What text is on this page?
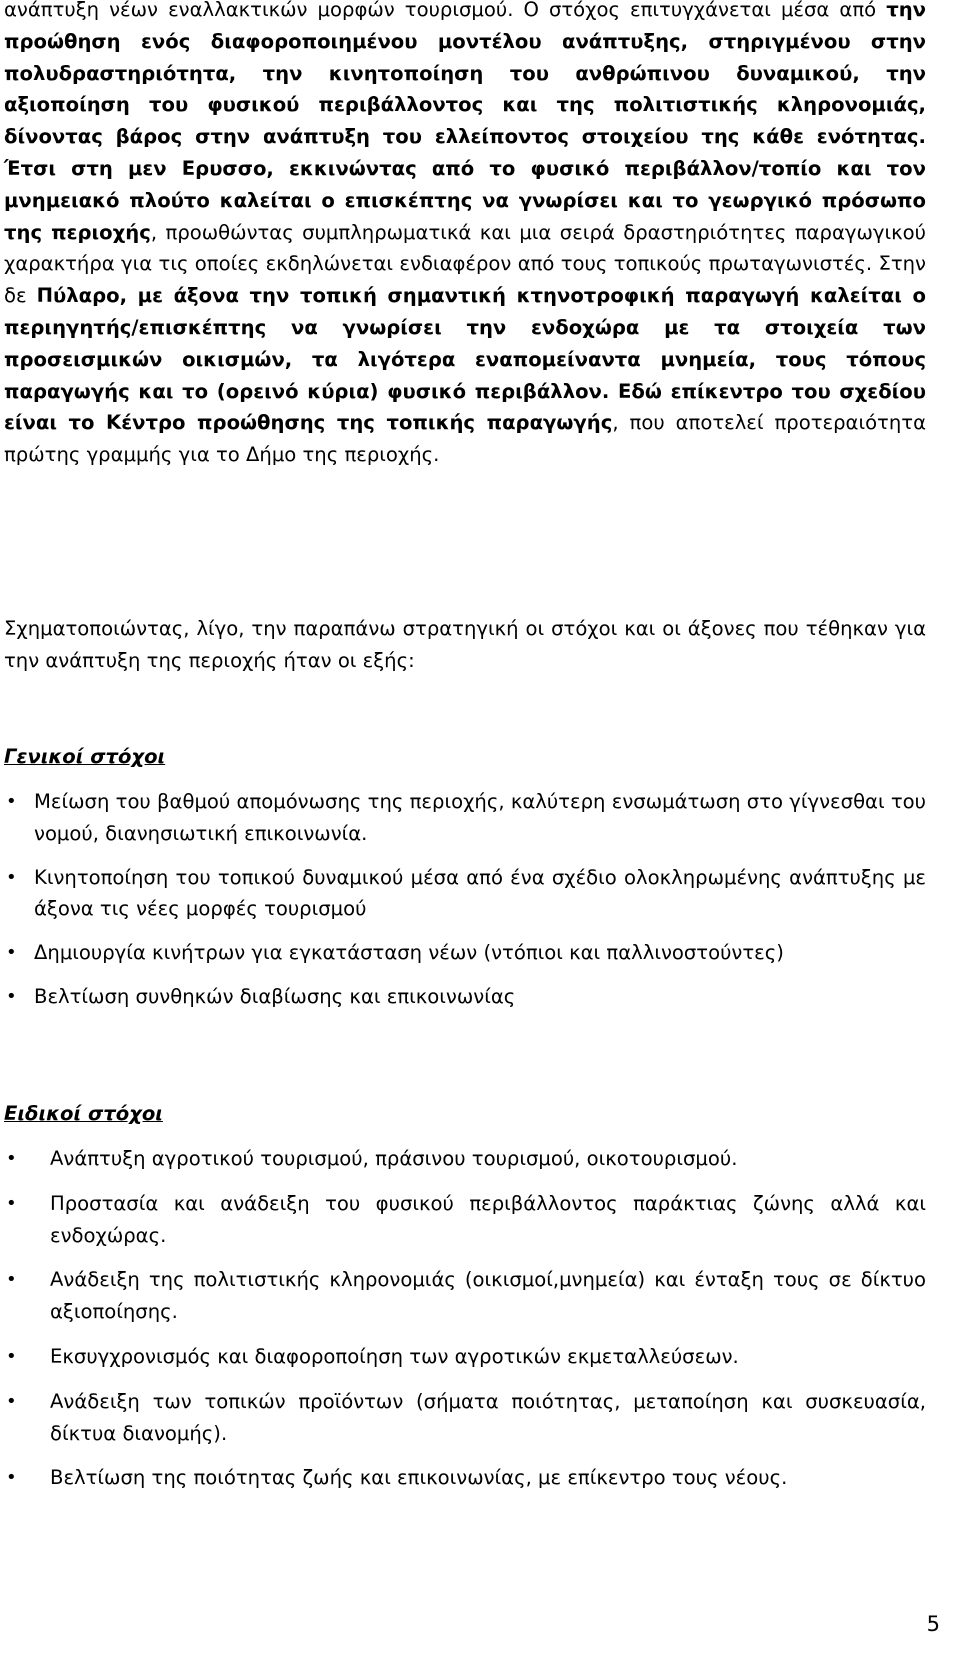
ανάπτυξη νέων εναλλακτικών μορφών τουρισμού. Ο στόχος επιτυγχάνεται μέσα από την προώθηση ενός διαφοροποιημένου μοντέλου ανάπτυξης, στηριγμένου στην πολυδραστηριότητα, την κινητοποίηση του ανθρώπινου δυναμικού, την αξιοποίηση του φυσικού περιβάλλοντος και της πολιτιστικής κληρονομιάς, δίνοντας βάρος στην ανάπτυξη του ελλείποντος στοιχείου της κάθε ενότητας. Έτσι στη μεν Ερυσσο, εκκινώντας από το φυσικό περιβάλλον/τοπίο και τον μνημειακό πλούτο καλείται ο επισκέπτης να γνωρίσει και το γεωργικό πρόσωπο της περιοχής, προωθώντας συμπληρωματικά και μια σειρά δραστηριότητες παραγωγικού χαρακτήρα για τις οποίες εκδηλώνεται ενδιαφέρον από τους τοπικούς πρωταγωνιστές. Στην δε Πύλαρο, με άξονα την τοπική σημαντική κτηνοτροφική παραγωγή καλείται ο περιηγητής/επισκέπτης να γνωρίσει την ενδοχώρα με τα στοιχεία των προσεισμικών οικισμών, τα λιγότερα εναπομείναντα μνημεία, τους τόπους παραγωγής και το (ορεινό κύρια) φυσικό περιβάλλον. Εδώ επίκεντρο του σχεδίου είναι το Κέντρο προώθησης της τοπικής παραγωγής, που αποτελεί προτεραιότητα πρώτης γραμμής για το Δήμο της περιοχής.

Σχηματοποιώντας, λίγο, την παραπάνω στρατηγική οι στόχοι και οι άξονες που τέθηκαν για την ανάπτυξη της περιοχής ήταν οι εξής:

Γενικοί στόχοι
• Μείωση του βαθμού απομόνωσης της περιοχής, καλύτερη ενσωμάτωση στο γίγνεσθαι του νομού, διανησιωτική επικοινωνία.
• Κινητοποίηση του τοπικού δυναμικού μέσα από ένα σχέδιο ολοκληρωμένης ανάπτυξης με άξονα τις νέες μορφές τουρισμού
• Δημιουργία κινήτρων για εγκατάσταση νέων (ντόπιοι και παλλινοστούντες)
• Βελτίωση συνθηκών διαβίωσης και επικοινωνίας
Ειδικοί στόχοι
• Ανάπτυξη αγροτικού τουρισμού, πράσινου τουρισμού, οικοτουρισμού.
• Προστασία και ανάδειξη του φυσικού περιβάλλοντος παράκτιας ζώνης αλλά και ενδοχώρας.
• Ανάδειξη της πολιτιστικής κληρονομιάς (οικισμοί,μνημεία) και ένταξη τους σε δίκτυο αξιοποίησης.
• Εκσυγχρονισμός και διαφοροποίηση των αγροτικών εκμεταλλεύσεων.
• Ανάδειξη των τοπικών προϊόντων (σήματα ποιότητας, μεταποίηση και συσκευασία, δίκτυα διανομής).
• Βελτίωση της ποιότητας ζωής και επικοινωνίας, με επίκεντρο τους νέους.
5
